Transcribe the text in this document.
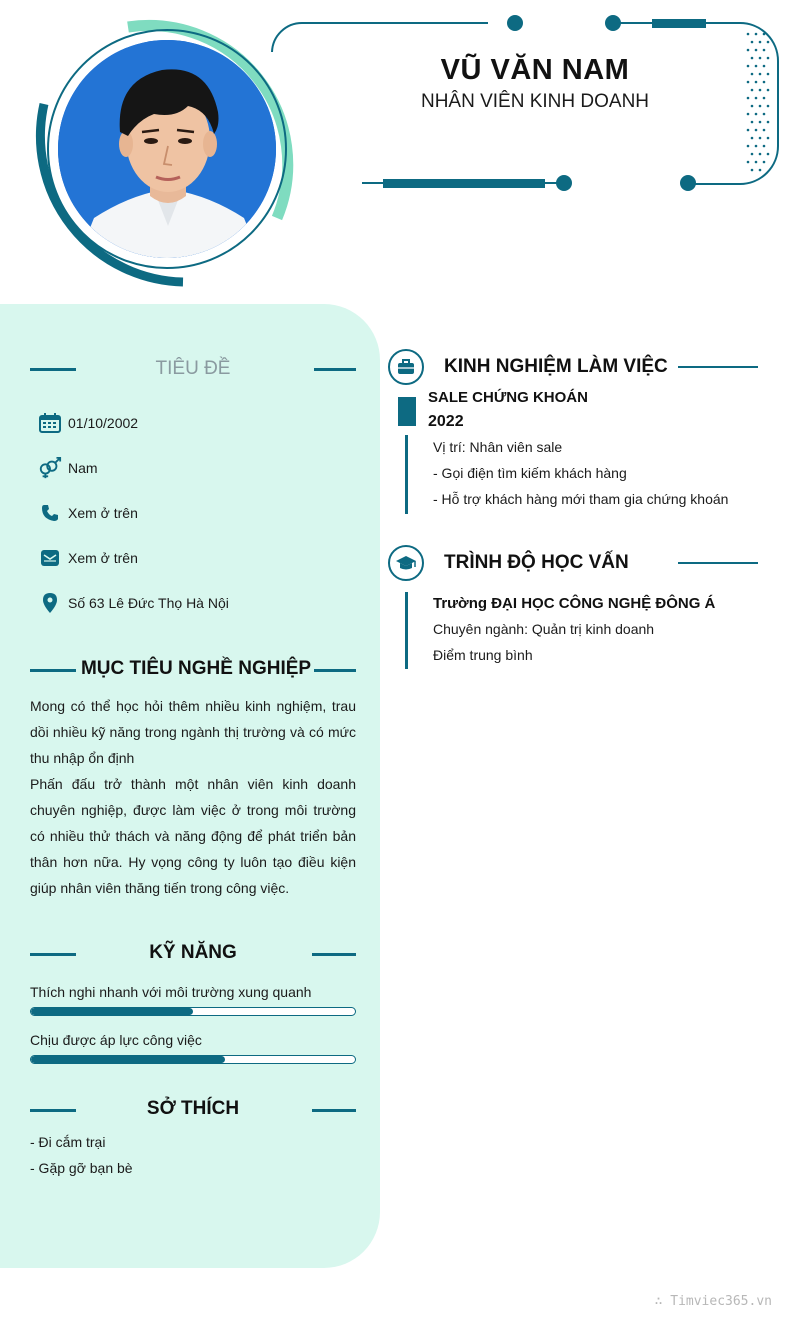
VŨ VĂN NAM
NHÂN VIÊN KINH DOANH
TIÊU ĐỀ
01/10/2002
Nam
Xem ở trên
Xem ở trên
Số 63 Lê Đức Thọ Hà Nội
MỤC TIÊU NGHỀ NGHIỆP
Mong có thể học hỏi thêm nhiều kinh nghiệm, trau dồi nhiều kỹ năng trong ngành thị trường và có mức thu nhập ổn định
Phấn đấu trở thành một nhân viên kinh doanh chuyên nghiệp, được làm việc ở trong môi trường có nhiều thử thách và năng động để phát triển bản thân hơn nữa. Hy vọng công ty luôn tạo điều kiện giúp nhân viên thăng tiến trong công việc.
KỸ NĂNG
Thích nghi nhanh với môi trường xung quanh
Chịu được áp lực công việc
SỞ THÍCH
- Đi cắm trại
- Gặp gỡ bạn bè
KINH NGHIỆM LÀM VIỆC
SALE CHỨNG KHOÁN
2022
Vị trí: Nhân viên sale
- Gọi điện tìm kiếm khách hàng
- Hỗ trợ khách hàng mới tham gia chứng khoán
TRÌNH ĐỘ HỌC VẤN
Trường ĐẠI HỌC CÔNG NGHỆ ĐÔNG Á
Chuyên ngành: Quản trị kinh doanh
Điểm trung bình
∴ Timviec365.vn
